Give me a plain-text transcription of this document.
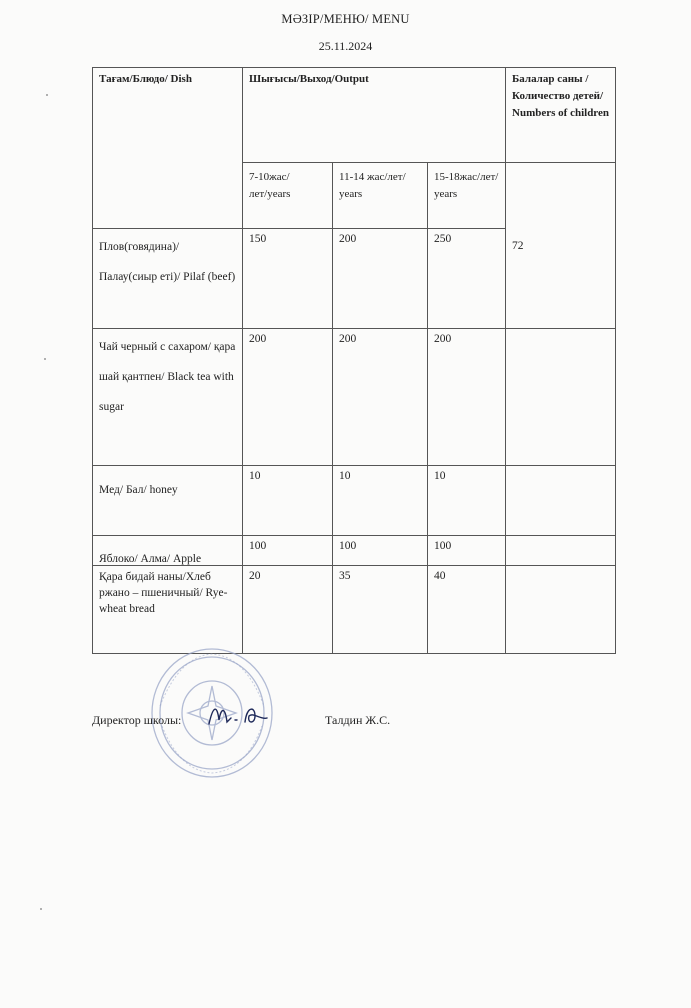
МӘЗІР/МЕНЮ/ MENU
25.11.2024
Тағам/Блюдо/ Dish	Шығысы/Выход/Output			Балалар саны /Количество детей/ Numbers of children
	7-10жас/лет/years	11-14 жас/лет/ years	15-18жас/лет/ years	72
Плов(говядина)/ Палау(сиыр еті)/ Pilaf (beef)	150	200	250	
Чай черный с сахаром/ қара шай қантпен/ Black tea with sugar	200	200	200	
Мед/ Бал/ honey	10	10	10	
Яблоко/ Алма/ Apple	100	100	100	
Қара бидай наны/Хлеб ржано – пшеничный/ Rye-wheat bread	20	35	40	
Директор школы:	Талдин Ж.С.
